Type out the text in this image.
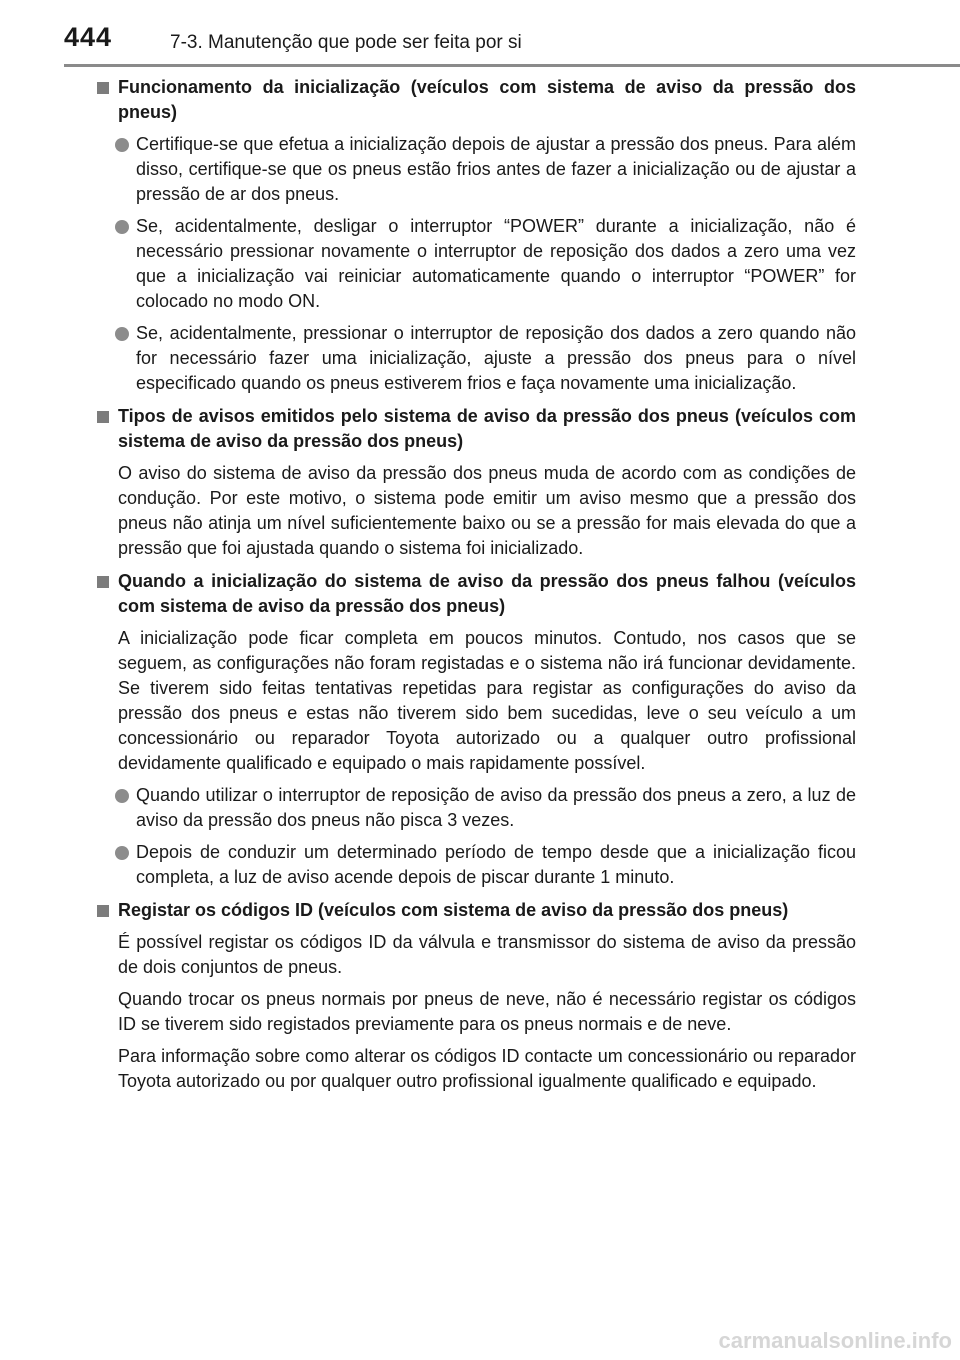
444	7-3. Manutenção que pode ser feita por si
Funcionamento da inicialização (veículos com sistema de aviso da pressão dos pneus)
Certifique-se que efetua a inicialização depois de ajustar a pressão dos pneus. Para além disso, certifique-se que os pneus estão frios antes de fazer a inicialização ou de ajustar a pressão de ar dos pneus.
Se, acidentalmente, desligar o interruptor “POWER” durante a inicialização, não é necessário pressionar novamente o interruptor de reposição dos dados a zero uma vez que a inicialização vai reiniciar automaticamente quando o interruptor “POWER” for colocado no modo ON.
Se, acidentalmente, pressionar o interruptor de reposição dos dados a zero quando não for necessário fazer uma inicialização, ajuste a pressão dos pneus para o nível especificado quando os pneus estiverem frios e faça novamente uma inicialização.
Tipos de avisos emitidos pelo sistema de aviso da pressão dos pneus (veículos com sistema de aviso da pressão dos pneus)
O aviso do sistema de aviso da pressão dos pneus muda de acordo com as condições de condução. Por este motivo, o sistema pode emitir um aviso mesmo que a pressão dos pneus não atinja um nível suficientemente baixo ou se a pressão for mais elevada do que a pressão que foi ajustada quando o sistema foi inicializado.
Quando a inicialização do sistema de aviso da pressão dos pneus falhou (veículos com sistema de aviso da pressão dos pneus)
A inicialização pode ficar completa em poucos minutos. Contudo, nos casos que se seguem, as configurações não foram registadas e o sistema não irá funcionar devidamente. Se tiverem sido feitas tentativas repetidas para registar as configurações do aviso da pressão dos pneus e estas não tiverem sido bem sucedidas, leve o seu veículo a um concessionário ou reparador Toyota autorizado ou a qualquer outro profissional devidamente qualificado e equipado o mais rapidamente possível.
Quando utilizar o interruptor de reposição de aviso da pressão dos pneus a zero, a luz de aviso da pressão dos pneus não pisca 3 vezes.
Depois de conduzir um determinado período de tempo desde que a inicialização ficou completa, a luz de aviso acende depois de piscar durante 1 minuto.
Registar os códigos ID (veículos com sistema de aviso da pressão dos pneus)
É possível registar os códigos ID da válvula e transmissor do sistema de aviso da pressão de dois conjuntos de pneus.
Quando trocar os pneus normais por pneus de neve, não é necessário registar os códigos ID se tiverem sido registados previamente para os pneus normais e de neve.
Para informação sobre como alterar os códigos ID contacte um concessionário ou reparador Toyota autorizado ou por qualquer outro profissional igualmente qualificado e equipado.
carmanualsonline.info
